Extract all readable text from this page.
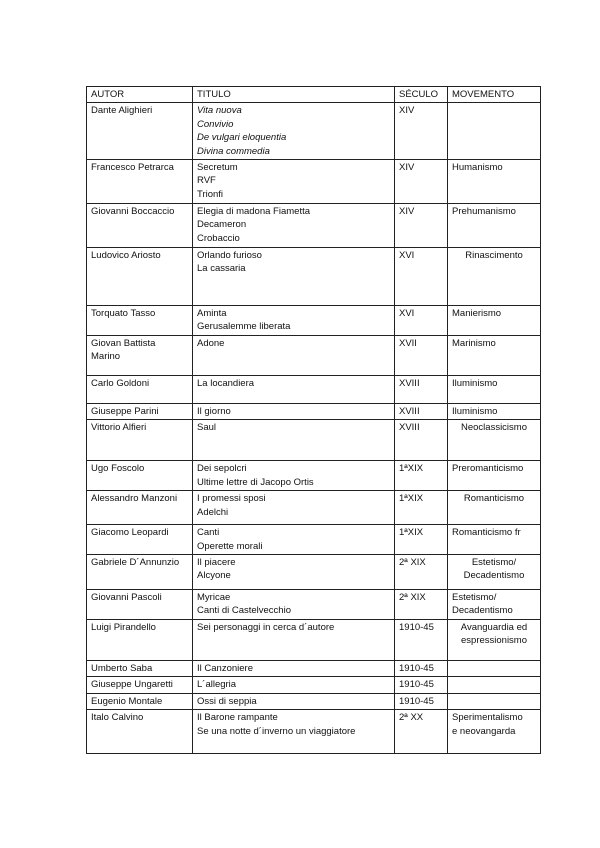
AUTOR	TITULO	SÉCULO	MOVEMENTO

Dante Alighieri	Vita nuova
Convivio
De vulgari eloquentia
Divina commedia	XIV	

Francesco Petrarca	Secretum
RVF
Trionfi	XIV	Humanismo

Giovanni Boccaccio	Elegia di madona Fiametta
Decameron
Crobaccio	XIV	Prehumanismo

Ludovico Ariosto	Orlando furioso
La cassaria	XVI	Rinascimento

Torquato Tasso	Aminta
Gerusalemme liberata	XVI	Manierismo

Giovan Battista
Marino	Adone	XVII	Marinismo

Carlo Goldoni	La locandiera	XVIII	Iluminismo

Giuseppe Parini	Il giorno	XVIII	Iluminismo

Vittorio Alfieri	Saul	XVIII	Neoclassicismo

Ugo Foscolo	Dei sepolcri
Ultime lettre di Jacopo Ortis	1ªXIX	Preromanticismo

Alessandro Manzoni	I promessi sposi
Adelchi	1ªXIX	Romanticismo

Giacomo Leopardi	Canti
Operette morali	1ªXIX	Romanticismo fr

Gabriele D´Annunzio	Il piacere
Alcyone	2ª XIX	Estetismo/
Decadentismo

Giovanni Pascoli	Myricae
Canti di Castelvecchio	2ª XIX	Estetismo/
Decadentismo

Luigi Pirandello	Sei personaggi in cerca d´autore	1910-45	Avanguardia ed
espressionismo

Umberto Saba	Il Canzoniere	1910-45	

Giuseppe Ungaretti	L´allegria	1910-45	

Eugenio Montale	Ossi di seppia	1910-45	

Italo Calvino	Il Barone rampante
Se una notte d´inverno un viaggiatore	2ª XX	Sperimentalismo
e neovangarda
